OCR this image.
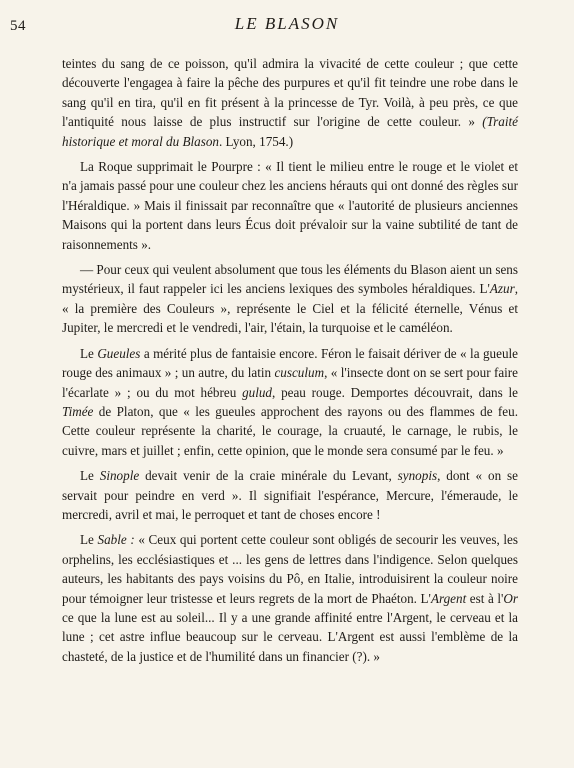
54	LE BLASON

teintes du sang de ce poisson, qu'il admira la vivacité de cette couleur ; que cette découverte l'engagea à faire la pêche des purpures et qu'il fit teindre une robe dans le sang qu'il en tira, qu'il en fit présent à la princesse de Tyr. Voilà, à peu près, ce que l'antiquité nous laisse de plus instructif sur l'origine de cette couleur. » (Traité historique et moral du Blason. Lyon, 1754.)

La Roque supprimait le Pourpre : « Il tient le milieu entre le rouge et le violet et n'a jamais passé pour une couleur chez les anciens hérauts qui ont donné des règles sur l'Héraldique. » Mais il finissait par reconnaître que « l'autorité de plusieurs anciennes Maisons qui la portent dans leurs Écus doit prévaloir sur la vaine subtilité de tant de raisonnements ».

— Pour ceux qui veulent absolument que tous les éléments du Blason aient un sens mystérieux, il faut rappeler ici les anciens lexiques des symboles héraldiques. L'Azur, « la première des Couleurs », représente le Ciel et la félicité éternelle, Vénus et Jupiter, le mercredi et le vendredi, l'air, l'étain, la turquoise et le caméléon.

Le Gueules a mérité plus de fantaisie encore. Féron le faisait dériver de « la gueule rouge des animaux » ; un autre, du latin cusculum, « l'insecte dont on se sert pour faire l'écarlate » ; ou du mot hébreu gulud, peau rouge. Demportes découvrait, dans le Timée de Platon, que « les gueules approchent des rayons ou des flammes de feu. Cette couleur représente la charité, le courage, la cruauté, le carnage, le rubis, le cuivre, mars et juillet ; enfin, cette opinion, que le monde sera consumé par le feu. »

Le Sinople devait venir de la craie minérale du Levant, synopis, dont « on se servait pour peindre en verd ». Il signifiait l'espérance, Mercure, l'émeraude, le mercredi, avril et mai, le perroquet et tant de choses encore !

Le Sable : « Ceux qui portent cette couleur sont obligés de secourir les veuves, les orphelins, les ecclésiastiques et ... les gens de lettres dans l'indigence. Selon quelques auteurs, les habitants des pays voisins du Pô, en Italie, introduisirent la couleur noire pour témoigner leur tristesse et leurs regrets de la mort de Phaéton. L'Argent est à l'Or ce que la lune est au soleil... Il y a une grande affinité entre l'Argent, le cerveau et la lune ; cet astre influe beaucoup sur le cerveau. L'Argent est aussi l'emblème de la chasteté, de la justice et de l'humilité dans un financier (?). »
